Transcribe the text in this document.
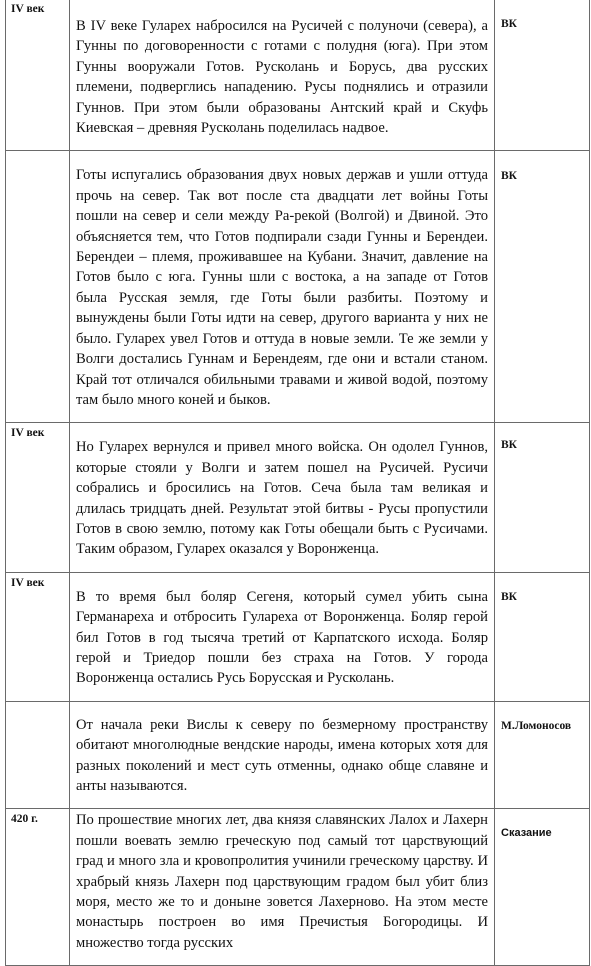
IV век	В IV веке Гуларех набросился на Русичей с полуночи (севера), а Гунны по договоренности с готами с полудня (юга). При этом Гунны вооружали Готов. Русколань и Борусь, два русских племени, подверглись нападению. Русы поднялись и отразили Гуннов. При этом были образованы Антский край и Скуфь Киевская – древняя Русколань поделилась надвое.	ВК

	Готы испугались образования двух новых держав и ушли оттуда прочь на север. Так вот после ста двадцати лет войны Готы пошли на север и сели между Ра-рекой (Волгой) и Двиной. Это объясняется тем, что Готов подпирали сзади Гунны и Берендеи. Берендеи – племя, проживавшее на Кубани. Значит, давление на Готов было с юга. Гунны шли с востока, а на западе от Готов была Русская земля, где Готы были разбиты. Поэтому и вынуждены были Готы идти на север, другого варианта у них не было. Гуларех увел Готов и оттуда в новые земли. Те же земли у Волги достались Гуннам и Берендеям, где они и встали станом. Край тот отличался обильными травами и живой водой, поэтому там было много коней и быков.	ВК

IV век	Но Гуларех вернулся и привел много войска. Он одолел Гуннов, которые стояли у Волги и затем пошел на Русичей. Русичи собрались и бросились на Готов. Сеча была там великая и длилась тридцать дней. Результат этой битвы - Русы пропустили Готов в свою землю, потому как Готы обещали быть с Русичами. Таким образом, Гуларех оказался у Воронженца.	ВК

IV век	В то время был боляр Сегеня, который сумел убить сына Германареха и отбросить Гулареха от Воронженца. Боляр герой бил Готов в год тысяча третий от Карпатского исхода. Боляр герой и Триедор пошли без страха на Готов. У города Воронженца остались Русь Борусская и Русколань.	ВК

	От начала реки Вислы к северу по безмерному пространству обитают многолюдные вендские народы, имена которых хотя для разных поколений и мест суть отменны, однако обще славяне и анты называются.	М.Ломоносов

420 г.	По прошествие многих лет, два князя славянских Лалох и Лахерн пошли воевать землю греческую под самый тот царствующий град и много зла и кровопролития учинили греческому царству. И храбрый князь Лахерн под царствующим градом был убит близ моря, место же то и доныне зовется Лахерново. На этом месте монастырь построен во имя Пречистыя Богородицы. И множество тогда русских	Сказание
